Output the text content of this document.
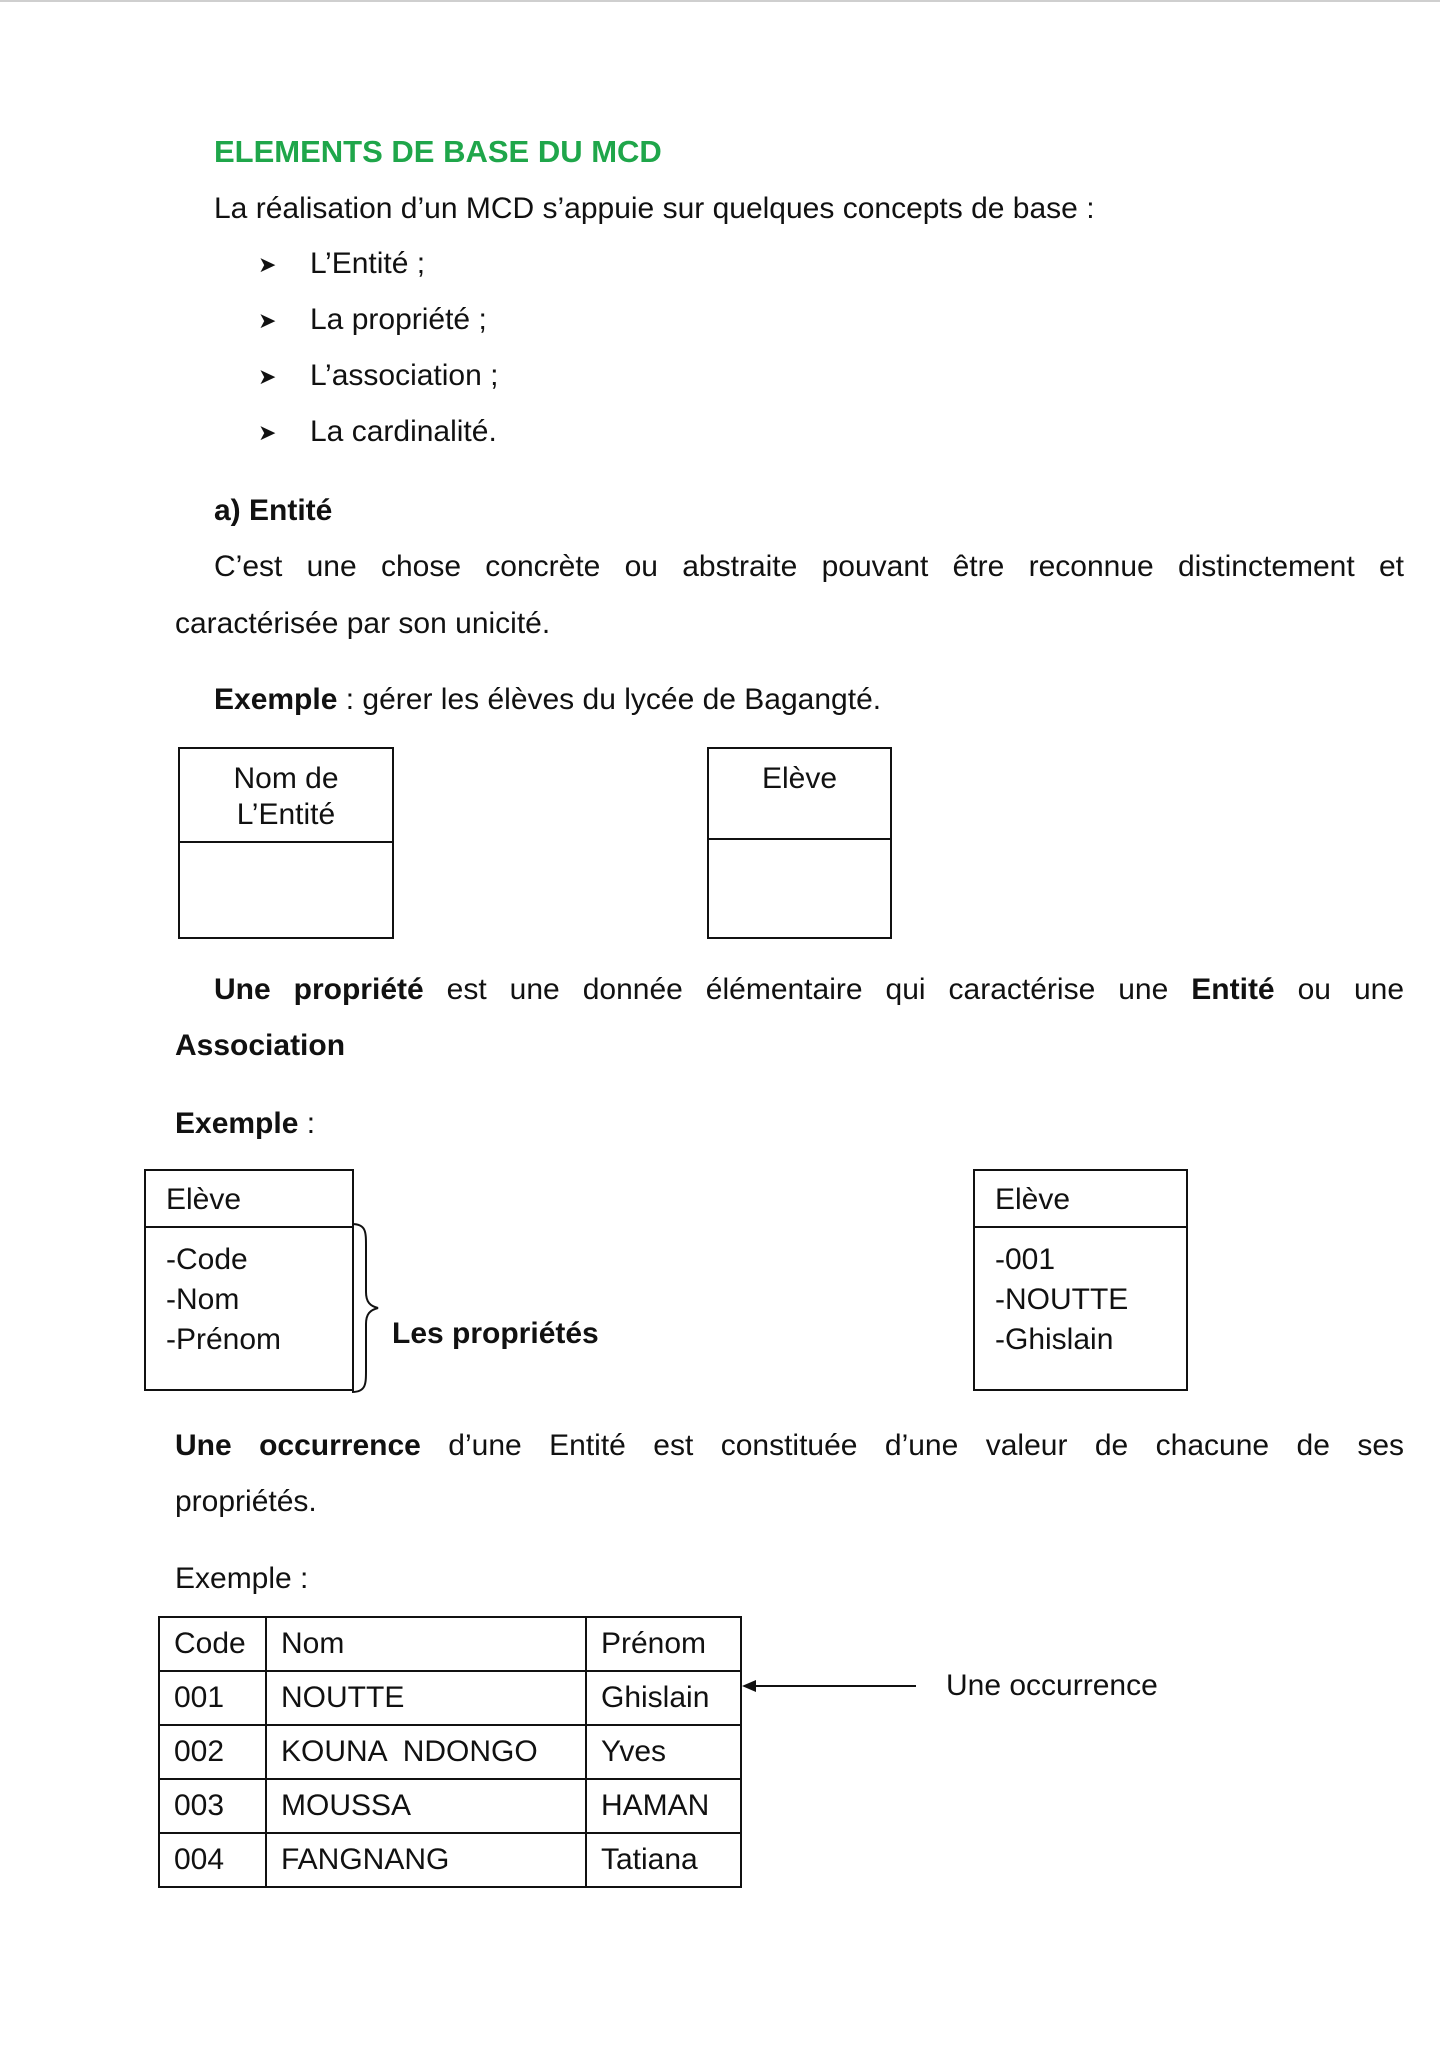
ELEMENTS DE BASE DU MCD
La réalisation d’un MCD s’appuie sur quelques concepts de base :
➤	L’Entité ;
➤	La propriété ;
➤	L’association ;
➤	La cardinalité.
a) Entité
C’est une chose concrète ou abstraite pouvant être reconnue distinctement et
caractérisée par son unicité.
Exemple : gérer les élèves du lycée de Bagangté.
Nom de
L’Entité
Elève
Une propriété est une donnée élémentaire qui caractérise une Entité ou une
Association
Exemple :
Elève
-Code
-Nom
-Prénom	Les propriétés
Elève
-001
-NOUTTE
-Ghislain
Une occurrence d’une Entité est constituée d’une valeur de chacune de ses
propriétés.
Exemple :
Code	Nom	Prénom
001	NOUTTE	Ghislain
002	KOUNA  NDONGO	Yves
003	MOUSSA	HAMAN
004	FANGNANG	Tatiana
Une occurrence
